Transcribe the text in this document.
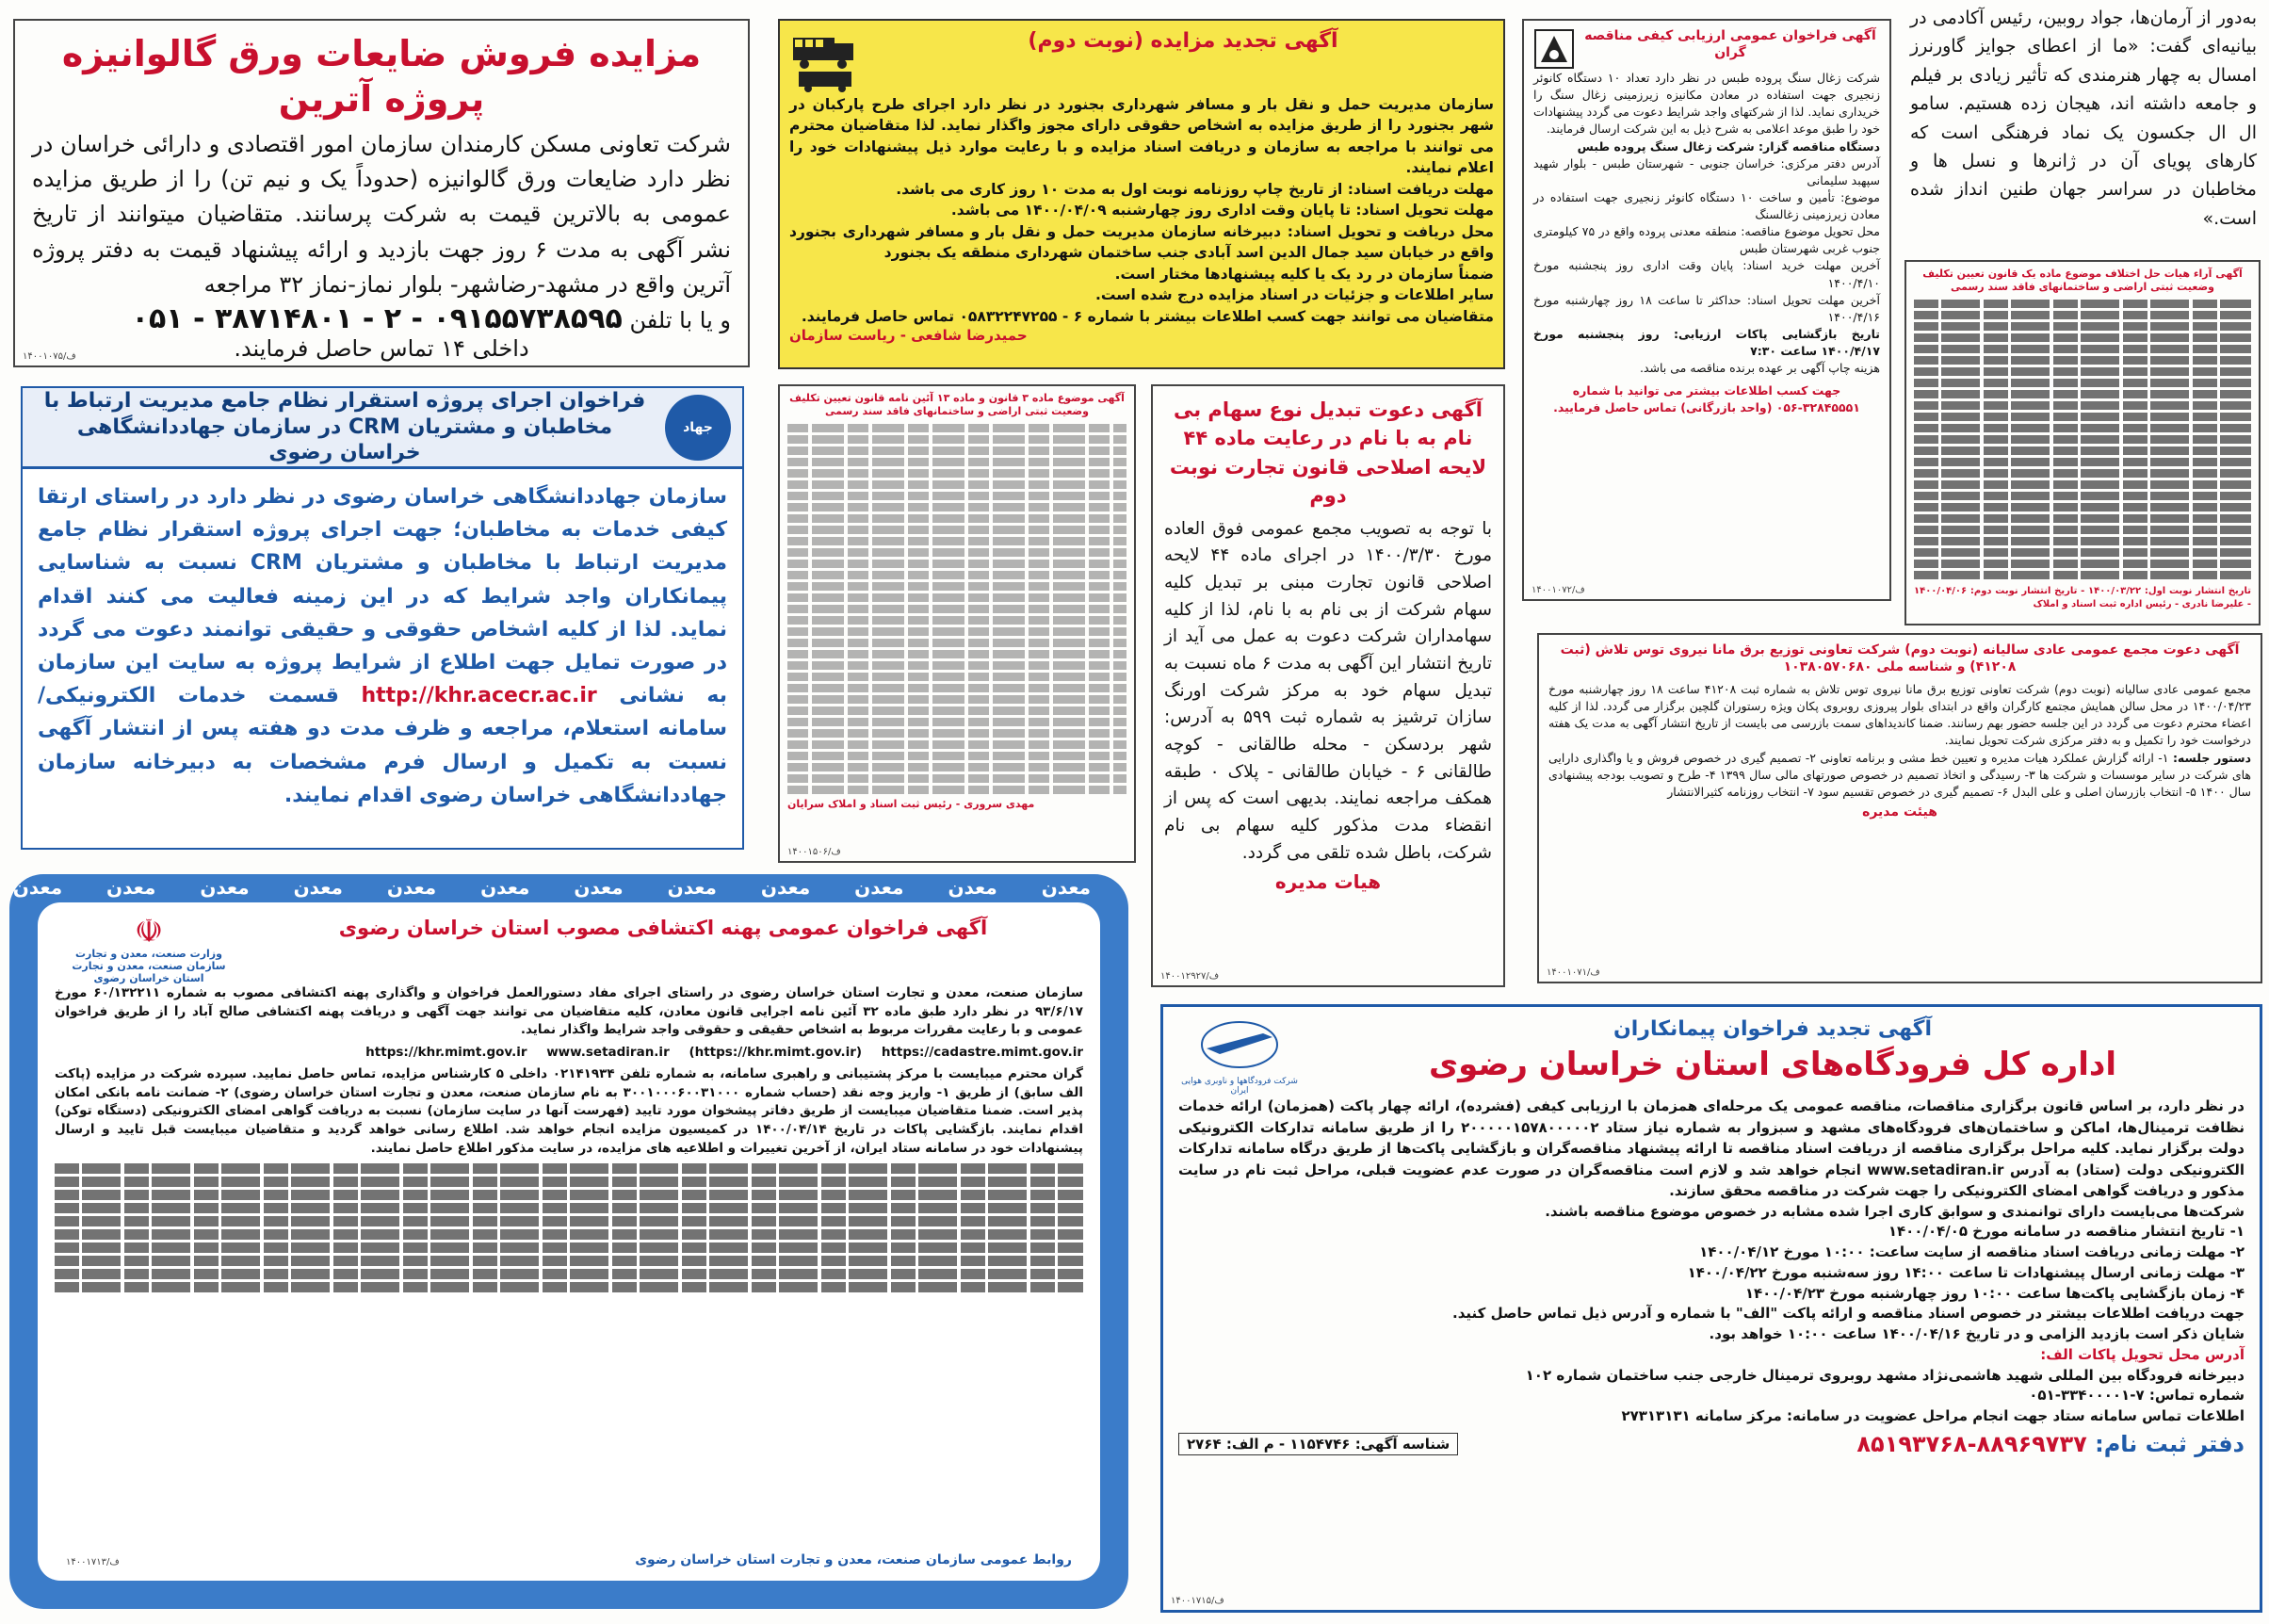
مزایده فروش ضایعات ورق گالوانیزه پروژه آترین

شرکت تعاونی مسکن کارمندان سازمان امور اقتصادی و دارائی خراسان در نظر دارد ضایعات ورق گالوانیزه (حدوداً یک و نیم تن) را از طریق مزایده عمومی به بالاترین قیمت به شرکت پرسانند. متقاضیان میتوانند از تاریخ نشر آگهی به مدت ۶ روز جهت بازدید و ارائه پیشنهاد قیمت به دفتر پروژه آترین واقع در مشهد-رضاشهر- بلوار نماز-نماز ۳۲ مراجعه

و یا با تلفن ۰۹۱۵۵۷۳۸۵۹۵ - ۲ - ۳۸۷۱۴۸۰۱ - ۰۵۱
داخلی ۱۴ تماس حاصل فرمایند.
۱۴۰۰۱۰۷۵/ف
آگهی تجدید مزایده (نوبت دوم)

سازمان مدیریت حمل و نقل بار و مسافر شهرداری بجنورد در نظر دارد اجرای طرح پارکبان در شهر بجنورد را از طریق مزایده به اشخاص حقوقی دارای مجوز واگذار نماید. لذا متقاضیان محترم می توانند با مراجعه به سازمان و دریافت اسناد مزایده و با رعایت موارد ذیل پیشنهادات خود را اعلام نمایند.

مهلت دریافت اسناد: از تاریخ چاپ روزنامه نوبت اول به مدت ۱۰ روز کاری می باشد.

مهلت تحویل اسناد: تا پایان وقت اداری روز چهارشنبه ۱۴۰۰/۰۴/۰۹ می باشد.

محل دریافت و تحویل اسناد: دبیرخانه سازمان مدیریت حمل و نقل بار و مسافر شهرداری بجنورد واقع در خیابان سید جمال الدین اسد آبادی جنب ساختمان شهرداری منطقه یک بجنورد

ضمناً سازمان در رد یک یا کلیه پیشنهادها مختار است.

سایر اطلاعات و جزئیات در اسناد مزایده درج شده است.

متقاضیان می توانند جهت کسب اطلاعات بیشتر با شماره ۶ - ۰۵۸۳۲۲۴۷۲۵۵ تماس حاصل فرمایند.

حمیدرضا شافعی - ریاست سازمان
آگهی فراخوان عمومی ارزیابی کیفی مناقصه گران

شرکت زغال سنگ پروده طبس در نظر دارد تعداد ۱۰ دستگاه کانوئر زنجیری جهت استفاده در معادن مکانیزه زیرزمینی زغال سنگ را خریداری نماید. لذا از شرکتهای واجد شرایط دعوت می گردد پیشنهادات خود را طبق موعد اعلامی به شرح ذیل به این شرکت ارسال فرمایند.

دستگاه مناقصه گزار: شرکت زغال سنگ پروده طبس

آدرس دفتر مرکزی: خراسان جنوبی - شهرستان طبس - بلوار شهید سپهبد سلیمانی

موضوع: تأمین و ساخت ۱۰ دستگاه کانوئر زنجیری جهت استفاده در معادن زیرزمینی زغالسنگ

محل تحویل موضوع مناقصه: منطقه معدنی پروده واقع در ۷۵ کیلومتری جنوب غربی شهرستان طبس

آخرین مهلت خرید اسناد: پایان وقت اداری روز پنجشنبه مورخ ۱۴۰۰/۴/۱۰

آخرین مهلت تحویل اسناد: حداکثر تا ساعت ۱۸ روز چهارشنبه مورخ ۱۴۰۰/۴/۱۶

تاریخ بازگشایی پاکات ارزیابی: روز پنجشنبه مورخ ۱۴۰۰/۴/۱۷ ساعت ۷:۳۰

هزینه چاپ آگهی بر عهده برنده مناقصه می باشد.

جهت کسب اطلاعات بیشتر می توانید با شماره ۳۲۸۴۵۵۵۱-۰۵۶ (واحد بازرگانی) تماس حاصل فرمایید.

۱۴۰۰۱۰۷۲/ف

به‌دور از آرمان‌ها، جواد روبین، رئیس آکادمی در بیانیه‌ای گفت: «ما از اعطای جوایز گاورنرز امسال به چهار هنرمندی که تأثیر زیادی بر فیلم و جامعه داشته اند، هیجان زده هستیم. سامو ال ال جکسون یک نماد فرهنگی است که کارهای پویای آن در ژانرها و نسل ها و مخاطبان در سراسر جهان طنین انداز شده است.»

آگهی آراء هیات حل اختلاف موضوع ماده یک قانون تعیین تکلیف وضعیت ثبتی اراضی و ساختمانهای فاقد سند رسمی

تاریخ انتشار نوبت اول: ۱۴۰۰/۰۳/۲۲ - تاریخ انتشار نوبت دوم: ۱۴۰۰/۰۴/۰۶ - علیرضا نادری - رئیس اداره ثبت اسناد و املاک

جهاد
فراخوان اجرای پروژه استقرار نظام جامع مدیریت ارتباط با مخاطبان و مشتریان CRM در سازمان جهاددانشگاهی خراسان رضوی

سازمان جهاددانشگاهی خراسان رضوی در نظر دارد در راستای ارتقا کیفی خدمات به مخاطبان؛ جهت اجرای پروژه استقرار نظام جامع مدیریت ارتباط با مخاطبان و مشتریان CRM نسبت به شناسایی پیمانکاران واجد شرایط که در این زمینه فعالیت می کنند اقدام نماید. لذا از کلیه اشخاص حقوقی و حقیقی توانمند دعوت می گردد در صورت تمایل جهت اطلاع از شرایط پروژه به سایت این سازمان به نشانی http://khr.acecr.ac.ir قسمت خدمات الکترونیکی/ سامانه استعلام، مراجعه و ظرف مدت دو هفته پس از انتشار آگهی نسبت به تکمیل و ارسال فرم مشخصات به دبیرخانه سازمان جهاددانشگاهی خراسان رضوی اقدام نمایند.

آگهی موضوع ماده ۳ قانون و ماده ۱۳ آئین نامه قانون تعیین تکلیف وضعیت ثبتی اراضی و ساختمانهای فاقد سند رسمی
مهدی سروری - رئیس ثبت اسناد و املاک سرایان
۱۴۰۰۱۵۰۶/ف
آگهی دعوت تبدیل نوع سهام بی نام به با نام در رعایت ماده ۴۴ لایحه اصلاحی قانون تجارت نوبت دوم

با توجه به تصویب مجمع عمومی فوق العاده مورخ ۱۴۰۰/۳/۳۰ در اجرای ماده ۴۴ لایحه اصلاحی قانون تجارت مبنی بر تبدیل کلیه سهام شرکت از بی نام به با نام، لذا از کلیه سهامداران شرکت دعوت به عمل می آید از تاریخ انتشار این آگهی به مدت ۶ ماه نسبت به تبدیل سهام خود به مرکز شرکت اورنگ سازان ترشیز به شماره ثبت ۵۹۹ به آدرس: شهر بردسکن - محله طالقانی - کوچه طالقانی ۶ - خیابان طالقانی - پلاک ۰ طبقه همکف مراجعه نمایند. بدیهی است که پس از انقضاء مدت مذکور کلیه سهام بی نام شرکت، باطل شده تلقی می گردد.

هیات مدیره
۱۴۰۰۱۲۹۲۷/ف
آگهی دعوت مجمع عمومی عادی سالیانه (نوبت دوم) شرکت تعاونی توزیع برق مانا نیروی توس تلاش (ثبت ۴۱۲۰۸) و شناسه ملی ۱۰۳۸۰۵۷۰۶۸۰

مجمع عمومی عادی سالیانه (نوبت دوم) شرکت تعاونی توزیع برق مانا نیروی توس تلاش به شماره ثبت ۴۱۲۰۸ ساعت ۱۸ روز چهارشنبه مورخ ۱۴۰۰/۰۴/۲۳ در محل سالن همایش مجتمع کارگران واقع در ابتدای بلوار پیروزی روبروی پکان ویژه رستوران گلچین برگزار می گردد. لذا از کلیه اعضاء محترم دعوت می گردد در این جلسه حضور بهم رسانند. ضمنا کاندیداهای سمت بازرسی می بایست از تاریخ انتشار آگهی به مدت یک هفته درخواست خود را تکمیل و به دفتر مرکزی شرکت تحویل نمایند.

دستور جلسه: ۱- ارائه گزارش عملکرد هیات مدیره و تعیین خط مشی و برنامه تعاونی ۲- تصمیم گیری در خصوص فروش و یا واگذاری دارایی های شرکت در سایر موسسات و شرکت ها ۳- رسیدگی و اتخاذ تصمیم در خصوص صورتهای مالی سال ۱۳۹۹ ۴- طرح و تصویب بودجه پیشنهادی سال ۱۴۰۰ ۵- انتخاب بازرسان اصلی و علی البدل ۶- تصمیم گیری در خصوص تقسیم سود ۷- انتخاب روزنامه کثیرالانتشار

هیئت مدیره
۱۴۰۰۱۰۷۱/ف
معدن معدن معدن معدن معدن معدن معدن معدن معدن معدن معدن معدن
آگهی فراخوان عمومی پهنه اکتشافی مصوب استان خراسان رضوی
☫
وزارت صنعت، معدن و تجارت
سازمان صنعت، معدن و تجارت
استان خراسان رضوی

سازمان صنعت، معدن و تجارت استان خراسان رضوی در راستای اجرای مفاد دستورالعمل فراخوان و واگذاری پهنه اکتشافی مصوب به شماره ۶۰/۱۳۲۲۱۱ مورخ ۹۳/۶/۱۷ در نظر دارد طبق ماده ۳۲ آئین نامه اجرایی قانون معادن، کلیه متقاضیان می توانند جهت آگهی و دریافت پهنه اکتشافی صالح آباد را از طریق فراخوان عمومی و با رعایت مقررات مربوط به اشخاص حقیقی و حقوقی واجد شرایط واگذار نماید.

https://khr.mimt.gov.ir www.setadiran.ir (https://khr.mimt.gov.ir) https://cadastre.mimt.gov.ir

گران محترم میبایست با مرکز پشتیبانی و راهبری سامانه، به شماره تلفن ۰۲۱۴۱۹۳۴ داخلی ۵ کارشناس مزایده، تماس حاصل نمایید. سپرده شرکت در مزایده (پاکت الف سابق) از طریق ۱- واریز وجه نقد (حساب شماره ۳۰۰۱۰۰۰۶۰۰۳۱۰۰۰ به نام سازمان صنعت، معدن و تجارت استان خراسان رضوی) ۲- ضمانت نامه بانکی امکان پذیر است. ضمنا متقاضیان میبایست از طریق دفاتر پیشخوان مورد تایید (فهرست آنها در سایت سازمان) نسبت به دریافت گواهی امضای الکترونیکی (دستگاه توکن) اقدام نمایند. بازگشایی پاکات در تاریخ ۱۴۰۰/۰۴/۱۴ در کمیسیون مزایده انجام خواهد شد. اطلاع رسانی خواهد گردید و متقاضیان میبایست قبل تایید و ارسال پیشنهادات خود در سامانه ستاد ایران، از آخرین تغییرات و اطلاعیه های مزایده، در سایت مذکور اطلاع حاصل نمایند.

روابط عمومی سازمان صنعت، معدن و تجارت استان خراسان رضوی
۱۴۰۰۱۷۱۳/ف
آگهی تجدید فراخوان پیمانکاران
اداره کل فرودگاه‌های استان خراسان رضوی
شرکت فرودگاهها و ناوبری هوایی ایران

در نظر دارد، بر اساس قانون برگزاری مناقصات، مناقصه عمومی یک مرحله‌ای همزمان با ارزیابی کیفی (فشرده)، ارائه چهار پاکت (همزمان) ارائه خدمات نظافت ترمینال‌ها، اماکن و ساختمان‌های فرودگاه‌های مشهد و سبزوار به شماره نیاز ستاد ۲۰۰۰۰۰۱۵۷۸۰۰۰۰۰۲ را از طریق سامانه تدارکات الکترونیکی دولت برگزار نماید. کلیه مراحل برگزاری مناقصه از دریافت اسناد مناقصه تا ارائه پیشنهاد مناقصه‌گران و بازگشایی پاکت‌ها از طریق درگاه سامانه تدارکات الکترونیکی دولت (ستاد) به آدرس www.setadiran.ir انجام خواهد شد و لازم است مناقصه‌گران در صورت عدم عضویت قبلی، مراحل ثبت نام در سایت مذکور و دریافت گواهی امضای الکترونیکی را جهت شرکت در مناقصه محقق سازند.

شرکت‌ها می‌بایست دارای توانمندی و سوابق کاری اجرا شده مشابه در خصوص موضوع مناقصه باشند.

۱- تاریخ انتشار مناقصه در سامانه مورخ ۱۴۰۰/۰۴/۰۵

۲- مهلت زمانی دریافت اسناد مناقصه از سایت ساعت: ۱۰:۰۰ مورخ ۱۴۰۰/۰۴/۱۲

۳- مهلت زمانی ارسال پیشنهادات تا ساعت ۱۴:۰۰ روز سه‌شنبه مورخ ۱۴۰۰/۰۴/۲۲

۴- زمان بازگشایی پاکت‌ها ساعت ۱۰:۰۰ روز چهارشنبه مورخ ۱۴۰۰/۰۴/۲۳

جهت دریافت اطلاعات بیشتر در خصوص اسناد مناقصه و ارائه پاکت "الف" با شماره و آدرس ذیل تماس حاصل کنید.

شایان ذکر است بازدید الزامی و در تاریخ ۱۴۰۰/۰۴/۱۶ ساعت ۱۰:۰۰ خواهد بود.

آدرس محل تحویل پاکات الف:

دبیرخانه فرودگاه بین المللی شهید هاشمی‌نژاد مشهد روبروی ترمینال خارجی جنب ساختمان شماره ۱۰۲

شماره تماس: ۷-۳۳۴۰۰۰۰۱-۰۵۱

اطلاعات تماس سامانه ستاد جهت انجام مراحل عضویت در سامانه: مرکز سامانه ۲۷۳۱۳۱۳۱

دفتر ثبت نام: ۸۸۹۶۹۷۳۷-۸۵۱۹۳۷۶۸
شناسه آگهی: ۱۱۵۴۷۴۶ - م الف: ۲۷۶۴
۱۴۰۰۱۷۱۵/ف
